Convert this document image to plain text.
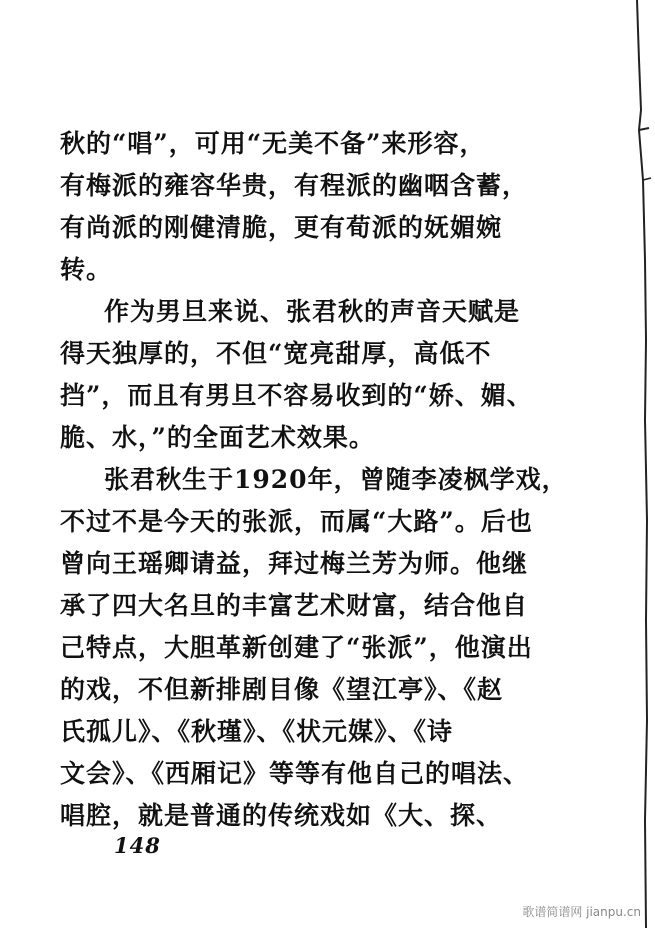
秋的“唱”，可用“无美不备”来形容，
有梅派的雍容华贵，有程派的幽咽含蓄，
有尚派的刚健清脆，更有荀派的妩媚婉
转。
作为男旦来说、张君秋的声音天赋是
得天独厚的，不但“宽亮甜厚，高低不
挡”，而且有男旦不容易收到的“娇、媚、
脆、水，”的全面艺术效果。
张君秋生于1920年，曾随李凌枫学戏，
不过不是今天的张派，而属“大路”。后也
曾向王瑶卿请益，拜过梅兰芳为师。他继
承了四大名旦的丰富艺术财富，结合他自
己特点，大胆革新创建了“张派”，他演出
的戏，不但新排剧目像《望江亭》、《赵
氏孤儿》、《秋瑾》、《状元媒》、《诗
文会》、《西厢记》等等有他自己的唱法、
唱腔，就是普通的传统戏如《大、探、
148
歌谱简谱网 jianpu.cn
